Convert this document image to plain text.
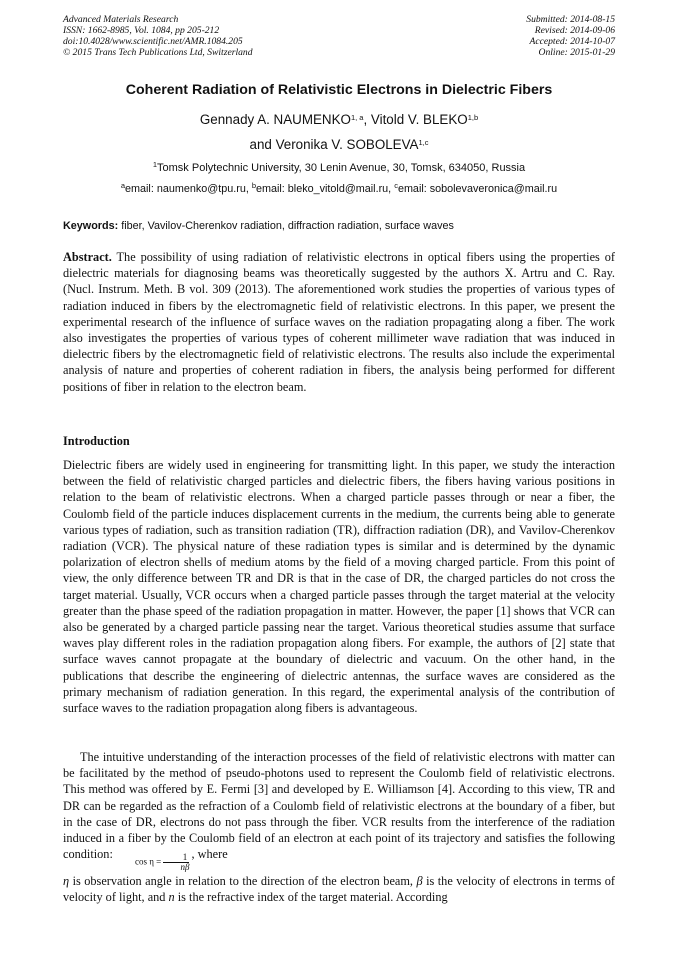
Advanced Materials Research
ISSN: 1662-8985, Vol. 1084, pp 205-212
doi:10.4028/www.scientific.net/AMR.1084.205
© 2015 Trans Tech Publications Ltd, Switzerland
Submitted: 2014-08-15
Revised: 2014-09-06
Accepted: 2014-10-07
Online: 2015-01-29
Coherent Radiation of Relativistic Electrons in Dielectric Fibers
Gennady A. NAUMENKO$^{1, a}$, Vitold V. BLEKO$^{1,b}$
and Veronika V. SOBOLEVA$^{1,c}$
$^1$Tomsk Polytechnic University, 30 Lenin Avenue, 30, Tomsk, 634050, Russia
$^a$email: naumenko@tpu.ru, $^b$email: bleko_vitold@mail.ru, $^c$email: sobolevaveronica@mail.ru
Keywords: fiber, Vavilov-Cherenkov radiation, diffraction radiation, surface waves

Abstract. The possibility of using radiation of relativistic electrons in optical fibers using the properties of dielectric materials for diagnosing beams was theoretically suggested by the authors X. Artru and C. Ray. (Nucl. Instrum. Meth. B vol. 309 (2013). The aforementioned work studies the properties of various types of radiation induced in fibers by the electromagnetic field of relativistic electrons. In this paper, we present the experimental research of the influence of surface waves on the radiation propagating along a fiber. The work also investigates the properties of various types of coherent millimeter wave radiation that was induced in dielectric fibers by the electromagnetic field of relativistic electrons. The results also include the experimental analysis of nature and properties of coherent radiation in fibers, the analysis being performed for different positions of fiber in relation to the electron beam.

Introduction

Dielectric fibers are widely used in engineering for transmitting light. In this paper, we study the interaction between the field of relativistic charged particles and dielectric fibers, the fibers having various positions in relation to the beam of relativistic electrons. When a charged particle passes through or near a fiber, the Coulomb field of the particle induces displacement currents in the medium, the currents being able to generate various types of radiation, such as transition radiation (TR), diffraction radiation (DR), and Vavilov-Cherenkov radiation (VCR). The physical nature of these radiation types is similar and is determined by the dynamic polarization of electron shells of medium atoms by the field of a moving charged particle. From this point of view, the only difference between TR and DR is that in the case of DR, the charged particles do not cross the target material. Usually, VCR occurs when a charged particle passes through the target material at the velocity greater than the phase speed of the radiation propagation in matter. However, the paper [1] shows that VCR can also be generated by a charged particle passing near the target. Various theoretical studies assume that surface waves play different roles in the radiation propagation along fibers. For example, the authors of [2] state that surface waves cannot propagate at the boundary of dielectric and vacuum. On the other hand, in the publications that describe the engineering of dielectric antennas, the surface waves are considered as the primary mechanism of radiation generation. In this regard, the experimental analysis of the contribution of surface waves to the radiation propagation along fibers is advantageous.

The intuitive understanding of the interaction processes of the field of relativistic electrons with matter can be facilitated by the method of pseudo-photons used to represent the Coulomb field of relativistic electrons. This method was offered by E. Fermi [3] and developed by E. Williamson [4]. According to this view, TR and DR can be regarded as the refraction of a Coulomb field of relativistic electrons at the boundary of a fiber, but in the case of DR, electrons do not pass through the fiber. VCR results from the interference of the radiation induced in a fiber by the Coulomb field of an electron at each point of its trajectory and satisfies the following condition: $\cos \eta = \frac{1}{n\beta}$ , where

η is observation angle in relation to the direction of the electron beam, β is the velocity of electrons in terms of velocity of light, and n is the refractive index of the target material. According
